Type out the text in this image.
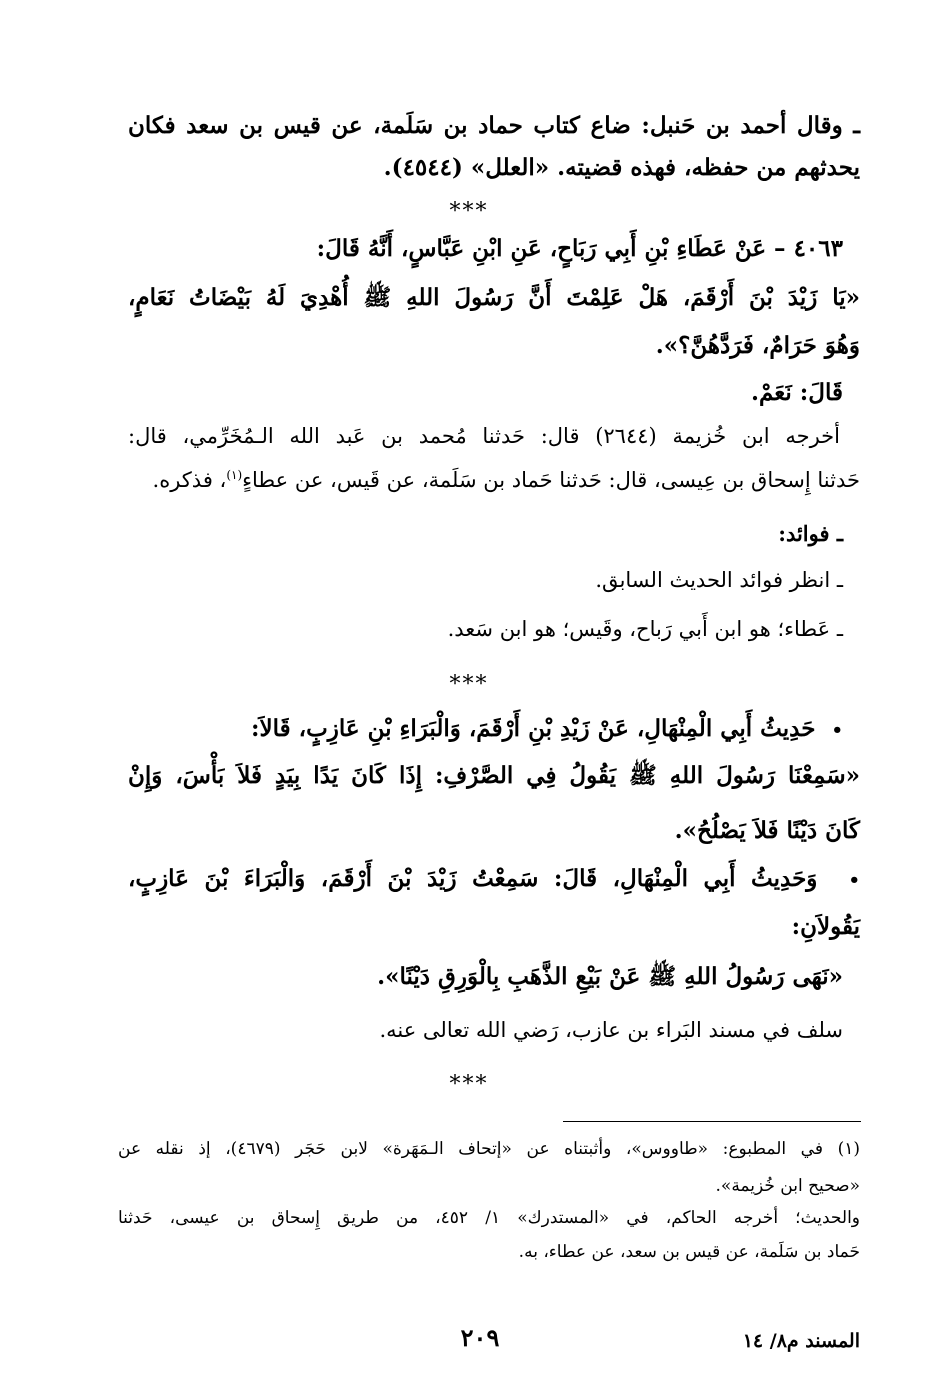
ـ وقال أحمد بن حَنبل: ضاع كتاب حماد بن سَلَمة، عن قيس بن سعد فكان

يحدثهم من حفظه، فهذه قضيته. «العلل» (٤٥٤٤).

***

٤٠٦٣ – عَنْ عَطَاءِ بْنِ أَبِي رَبَاحٍ، عَنِ ابْنِ عَبَّاسٍ، أَنَّهُ قَالَ:

«يَا زَيْدَ بْنَ أَرْقَمَ، هَلْ عَلِمْتَ أَنَّ رَسُولَ اللهِ ﷺ أُهْدِيَ لَهُ بَيْضَاتُ نَعَامٍ،

وَهُوَ حَرَامٌ، فَرَدَّهُنَّ؟».

قَالَ: نَعَمْ.

أخرجه ابن خُزيمة (٢٦٤٤) قال: حَدثنا مُحمد بن عَبد الله الـمُخَرِّمي، قال:

حَدثنا إِسحاق بن عِيسى، قال: حَدثنا حَماد بن سَلَمة، عن قَيس، عن عطاءٍ$^{(١)}$، فذكره.

ـ فوائد:

ـ انظر فوائد الحديث السابق.

ـ عَطاء؛ هو ابن أَبي رَباح، وقَيس؛ هو ابن سَعد.

***

•  حَدِيثُ أَبِي الْمِنْهَالِ، عَنْ زَيْدِ بْنِ أَرْقَمَ، وَالْبَرَاءِ بْنِ عَازِبٍ، قَالاَ:

«سَمِعْنَا رَسُولَ اللهِ ﷺ يَقُولُ فِي الصَّرْفِ: إِذَا كَانَ يَدًا بِيَدٍ فَلاَ بَأْسَ، وَإِنْ

كَانَ دَيْنًا فَلاَ يَصْلُحُ».

•  وَحَدِيثُ أَبِي الْمِنْهَالِ، قَالَ: سَمِعْتُ زَيْدَ بْنَ أَرْقَمَ، وَالْبَرَاءَ بْنَ عَازِبٍ،

يَقُولاَنِ:

«نَهَى رَسُولُ اللهِ ﷺ عَنْ بَيْعِ الذَّهَبِ بِالْوَرِقِ دَيْنًا».

سلف في مسند البَراء بن عازب، رَضي الله تعالى عنه.

***

(١) في المطبوع: «طاووس»، وأثبتناه عن «إتحاف الـمَهَرة» لابن حَجَر (٤٦٧٩)، إذ نقله عن

«صحيح ابن خُزيمة».

والحديث؛ أخرجه الحاكم، في «المستدرك» ١/ ٤٥٢، من طريق إِسحاق بن عيسى، حَدثنا

حَماد بن سَلَمة، عن قيس بن سعد، عن عطاء، به.

٢٠٩	المسند م٨/ ١٤
